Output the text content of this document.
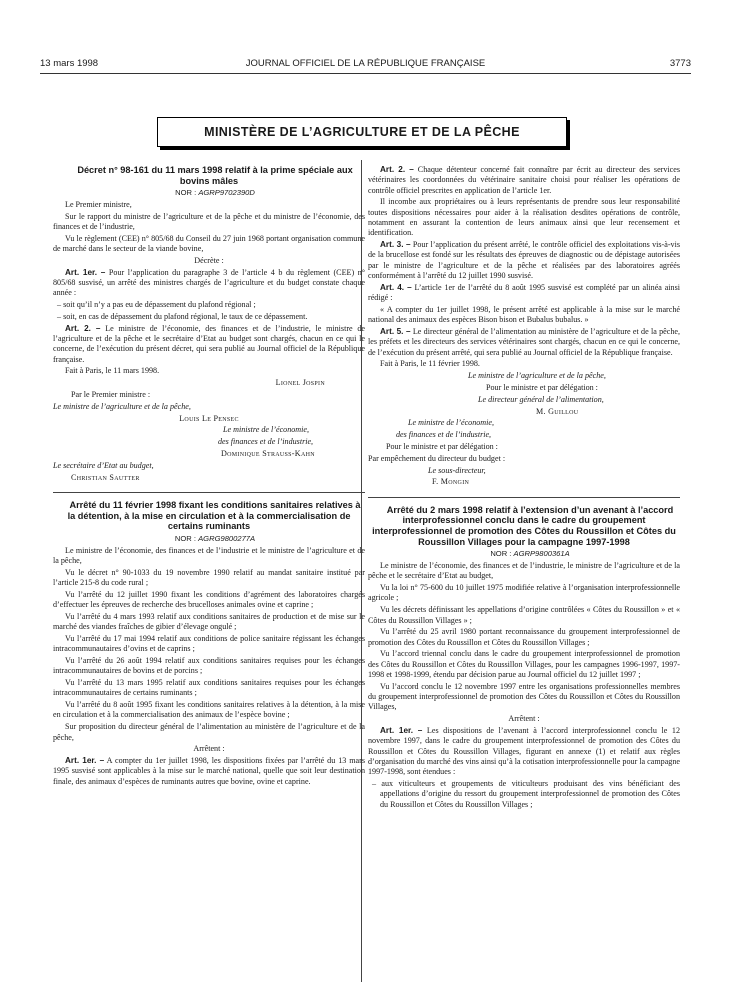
13 mars 1998	JOURNAL OFFICIEL DE LA RÉPUBLIQUE FRANÇAISE	3773
MINISTÈRE DE L’AGRICULTURE ET DE LA PÊCHE

Décret n° 98-161 du 11 mars 1998 relatif à la prime spéciale aux bovins mâles

NOR : AGRP9702390D

Le Premier ministre,

Sur le rapport du ministre de l’agriculture et de la pêche et du ministre de l’économie, des finances et de l’industrie,

Vu le règlement (CEE) n° 805/68 du Conseil du 27 juin 1968 portant organisation commune de marché dans le secteur de la viande bovine,

Décrète :

Art. 1er. – Pour l’application du paragraphe 3 de l’article 4 b du règlement (CEE) n° 805/68 susvisé, un arrêté des ministres chargés de l’agriculture et du budget constate chaque année :

– soit qu’il n’y a pas eu de dépassement du plafond régional ;

– soit, en cas de dépassement du plafond régional, le taux de ce dépassement.

Art. 2. – Le ministre de l’économie, des finances et de l’industrie, le ministre de l’agriculture et de la pêche et le secrétaire d’Etat au budget sont chargés, chacun en ce qui le concerne, de l’exécution du présent décret, qui sera publié au Journal officiel de la République française.

Fait à Paris, le 11 mars 1998.

Lionel Jospin

Par le Premier ministre :

Le ministre de l’agriculture et de la pêche,

Louis Le Pensec

Le ministre de l’économie,

des finances et de l’industrie,

Dominique Strauss-Kahn

Le secrétaire d’Etat au budget,

Christian Sautter

Arrêté du 11 février 1998 fixant les conditions sanitaires relatives à la détention, à la mise en circulation et à la commercialisation de certains ruminants

NOR : AGRG9800277A

Le ministre de l’économie, des finances et de l’industrie et le ministre de l’agriculture et de la pêche,

Vu le décret n° 90-1033 du 19 novembre 1990 relatif au mandat sanitaire institué par l’article 215-8 du code rural ;

Vu l’arrêté du 12 juillet 1990 fixant les conditions d’agrément des laboratoires chargés d’effectuer les épreuves de recherche des brucelloses animales ovine et caprine ;

Vu l’arrêté du 4 mars 1993 relatif aux conditions sanitaires de production et de mise sur le marché des viandes fraîches de gibier d’élevage ongulé ;

Vu l’arrêté du 17 mai 1994 relatif aux conditions de police sanitaire régissant les échanges intracommunautaires d’ovins et de caprins ;

Vu l’arrêté du 26 août 1994 relatif aux conditions sanitaires requises pour les échanges intracommunautaires de bovins et de porcins ;

Vu l’arrêté du 13 mars 1995 relatif aux conditions sanitaires requises pour les échanges intracommunautaires de certains ruminants ;

Vu l’arrêté du 8 août 1995 fixant les conditions sanitaires relatives à la détention, à la mise en circulation et à la commercialisation des animaux de l’espèce bovine ;

Sur proposition du directeur général de l’alimentation au ministère de l’agriculture et de la pêche,

Arrêtent :

Art. 1er. – A compter du 1er juillet 1998, les dispositions fixées par l’arrêté du 13 mars 1995 susvisé sont applicables à la mise sur le marché national, quelle que soit leur destination finale, des animaux d’espèces de ruminants autres que bovine, ovine et caprine.

Art. 2. – Chaque détenteur concerné fait connaître par écrit au directeur des services vétérinaires les coordonnées du vétérinaire sanitaire choisi pour réaliser les opérations de contrôle officiel prescrites en application de l’article 1er.

Il incombe aux propriétaires ou à leurs représentants de prendre sous leur responsabilité toutes dispositions nécessaires pour aider à la réalisation desdites opérations de contrôle, notamment en assurant la contention de leurs animaux ainsi que leur recensement et identification.

Art. 3. – Pour l’application du présent arrêté, le contrôle officiel des exploitations vis-à-vis de la brucellose est fondé sur les résultats des épreuves de diagnostic ou de dépistage autorisées par le ministre de l’agriculture et de la pêche et réalisées par des laboratoires agréés conformément à l’arrêté du 12 juillet 1990 susvisé.

Art. 4. – L’article 1er de l’arrêté du 8 août 1995 susvisé est complété par un alinéa ainsi rédigé :

« A compter du 1er juillet 1998, le présent arrêté est applicable à la mise sur le marché national des animaux des espèces Bison bison et Bubalus bubalus. »

Art. 5. – Le directeur général de l’alimentation au ministère de l’agriculture et de la pêche, les préfets et les directeurs des services vétérinaires sont chargés, chacun en ce qui le concerne, de l’exécution du présent arrêté, qui sera publié au Journal officiel de la République française.

Fait à Paris, le 11 février 1998.

Le ministre de l’agriculture et de la pêche,

Pour le ministre et par délégation :

Le directeur général de l’alimentation,

M. Guillou

Le ministre de l’économie,

des finances et de l’industrie,

Pour le ministre et par délégation :

Par empêchement du directeur du budget :

Le sous-directeur,

F. Mongin

Arrêté du 2 mars 1998 relatif à l’extension d’un avenant à l’accord interprofessionnel conclu dans le cadre du groupement interprofessionnel de promotion des Côtes du Roussillon et Côtes du Roussillon Villages pour la campagne 1997-1998

NOR : AGRP9800361A

Le ministre de l’économie, des finances et de l’industrie, le ministre de l’agriculture et de la pêche et le secrétaire d’Etat au budget,

Vu la loi n° 75-600 du 10 juillet 1975 modifiée relative à l’organisation interprofessionnelle agricole ;

Vu les décrets définissant les appellations d’origine contrôlées « Côtes du Roussillon » et « Côtes du Roussillon Villages » ;

Vu l’arrêté du 25 avril 1980 portant reconnaissance du groupement interprofessionnel de promotion des Côtes du Roussillon et Côtes du Roussillon Villages ;

Vu l’accord triennal conclu dans le cadre du groupement interprofessionnel de promotion des Côtes du Roussillon et Côtes du Roussillon Villages, pour les campagnes 1996-1997, 1997-1998 et 1998-1999, étendu par décision parue au Journal officiel du 12 juillet 1997 ;

Vu l’accord conclu le 12 novembre 1997 entre les organisations professionnelles membres du groupement interprofessionnel de promotion des Côtes du Roussillon et Côtes du Roussillon Villages,

Arrêtent :

Art. 1er. – Les dispositions de l’avenant à l’accord interprofessionnel conclu le 12 novembre 1997, dans le cadre du groupement interprofessionnel de promotion des Côtes du Roussillon et Côtes du Roussillon Villages, figurant en annexe (1) et relatif aux règles d’organisation du marché des vins ainsi qu’à la cotisation interprofessionnelle pour la campagne 1997-1998, sont étendues :

– aux viticulteurs et groupements de viticulteurs produisant des vins bénéficiant des appellations d’origine du ressort du groupement interprofessionnel de promotion des Côtes du Roussillon et Côtes du Roussillon Villages ;
